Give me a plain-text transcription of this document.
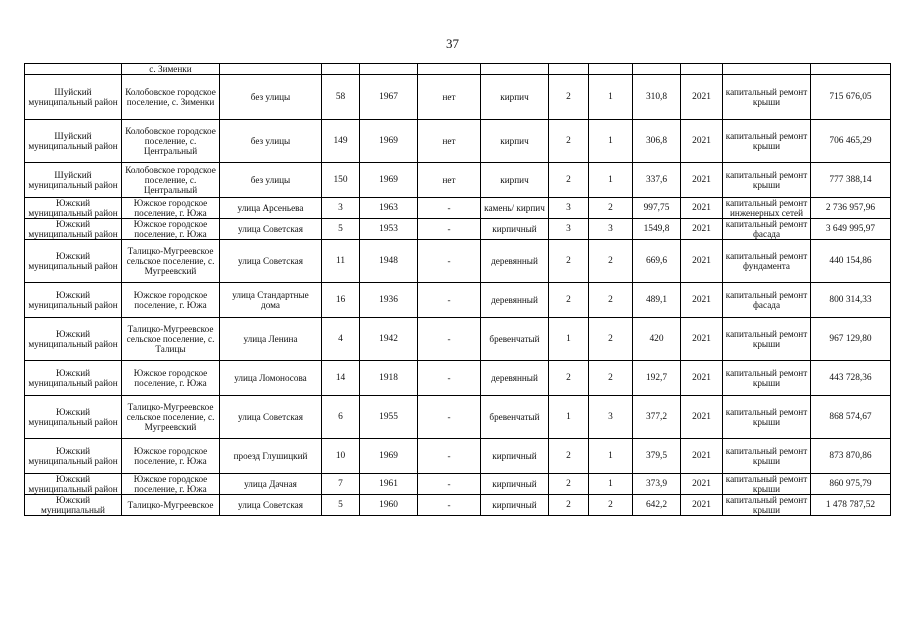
37
	с. Зименки											
Шуйский муниципальный район	Колобовское городское поселение, с. Зименки	без улицы	58	1967	нет	кирпич	2	1	310,8	2021	капитальный ремонт крыши	715 676,05
Шуйский муниципальный район	Колобовское городское поселение, с. Центральный	без улицы	149	1969	нет	кирпич	2	1	306,8	2021	капитальный ремонт крыши	706 465,29
Шуйский муниципальный район	Колобовское городское поселение, с. Центральный	без улицы	150	1969	нет	кирпич	2	1	337,6	2021	капитальный ремонт крыши	777 388,14
Южский муниципальный район	Южское городское поселение, г. Южа	улица Арсеньева	3	1963	-	камень/ кирпич	3	2	997,75	2021	капитальный ремонт инженерных сетей	2 736 957,96
Южский муниципальный район	Южское городское поселение, г. Южа	улица Советская	5	1953	-	кирпичный	3	3	1549,8	2021	капитальный ремонт фасада	3 649 995,97
Южский муниципальный район	Талицко-Мугреевское сельское поселение, с. Мугреевский	улица Советская	11	1948	-	деревянный	2	2	669,6	2021	капитальный ремонт фундамента	440 154,86
Южский муниципальный район	Южское городское поселение, г. Южа	улица Стандартные дома	16	1936	-	деревянный	2	2	489,1	2021	капитальный ремонт фасада	800 314,33
Южский муниципальный район	Талицко-Мугреевское сельское поселение, с. Талицы	улица Ленина	4	1942	-	бревенчатый	1	2	420	2021	капитальный ремонт крыши	967 129,80
Южский муниципальный район	Южское городское поселение, г. Южа	улица Ломоносова	14	1918	-	деревянный	2	2	192,7	2021	капитальный ремонт крыши	443 728,36
Южский муниципальный район	Талицко-Мугреевское сельское поселение, с. Мугреевский	улица Советская	6	1955	-	бревенчатый	1	3	377,2	2021	капитальный ремонт крыши	868 574,67
Южский муниципальный район	Южское городское поселение, г. Южа	проезд Глушицкий	10	1969	-	кирпичный	2	1	379,5	2021	капитальный ремонт крыши	873 870,86
Южский муниципальный район	Южское городское поселение, г. Южа	улица Дачная	7	1961	-	кирпичный	2	1	373,9	2021	капитальный ремонт крыши	860 975,79
Южский муниципальный	Талицко-Мугреевское	улица Советская	5	1960	-	кирпичный	2	2	642,2	2021	капитальный ремонт крыши	1 478 787,52
